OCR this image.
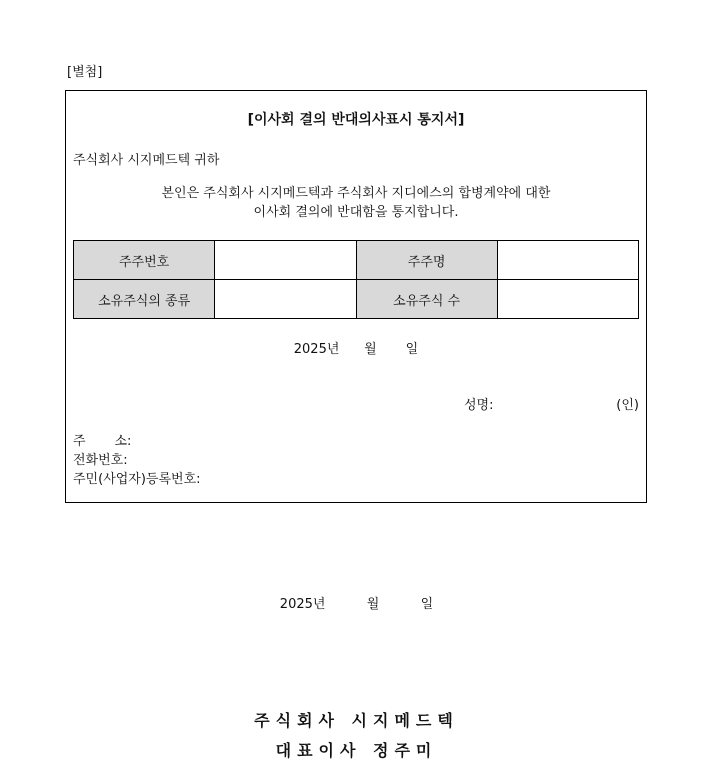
[별첨]
[이사회 결의 반대의사표시 통지서]
주식회사 시지메드텍 귀하
본인은 주식회사 시지메드텍과 주식회사 지디에스의 합병계약에 대한
이사회 결의에 반대함을 통지합니다.
주주번호		주주명	
소유주식의 종류		소유주식 수	
2025년      월       일
성명:	(인)
주       소:
전화번호:
주민(사업자)등록번호:
2025년          월          일
주식회사 시지메드텍
대표이사 정주미
